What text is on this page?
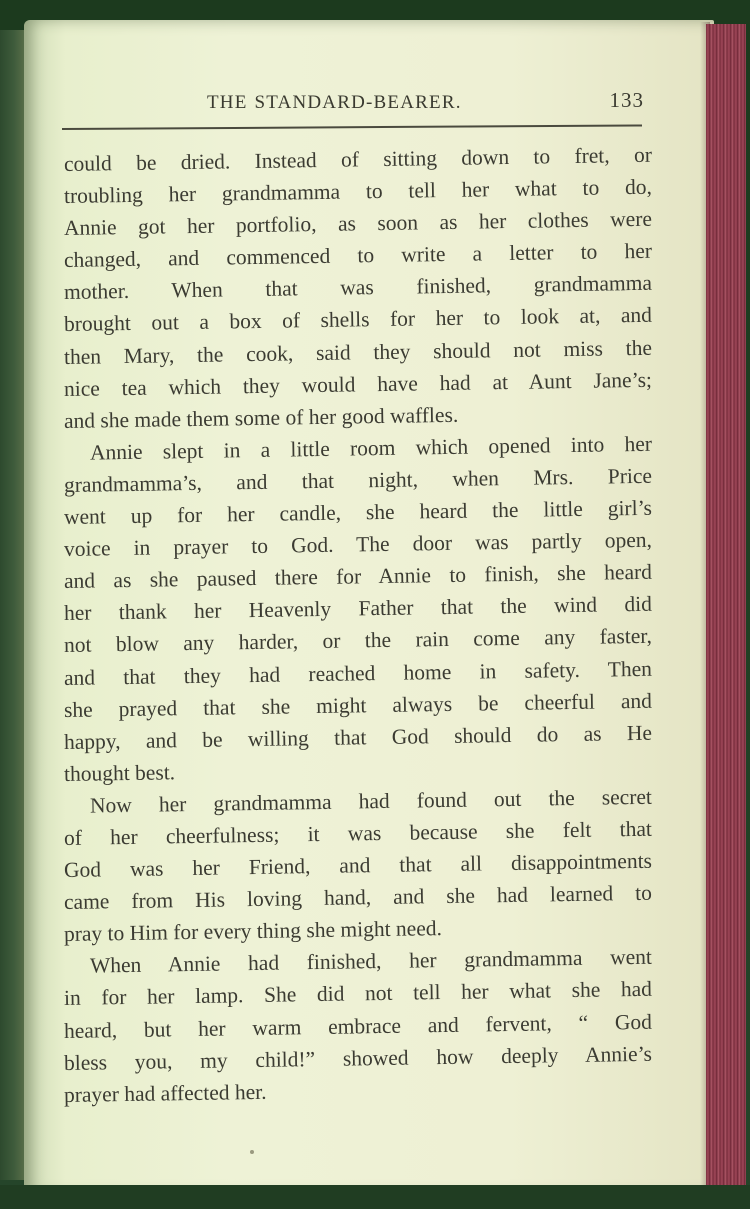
THE STANDARD-BEARER.	133
could be dried. Instead of sitting down to fret, or
troubling her grandmamma to tell her what to do,
Annie got her portfolio, as soon as her clothes were
changed, and commenced to write a letter to her
mother. When that was finished, grandmamma
brought out a box of shells for her to look at, and
then Mary, the cook, said they should not miss the
nice tea which they would have had at Aunt Jane’s;
and she made them some of her good waffles.
Annie slept in a little room which opened into her
grandmamma’s, and that night, when Mrs. Price
went up for her candle, she heard the little girl’s
voice in prayer to God. The door was partly open,
and as she paused there for Annie to finish, she heard
her thank her Heavenly Father that the wind did
not blow any harder, or the rain come any faster,
and that they had reached home in safety. Then
she prayed that she might always be cheerful and
happy, and be willing that God should do as He
thought best.
Now her grandmamma had found out the secret
of her cheerfulness; it was because she felt that
God was her Friend, and that all disappointments
came from His loving hand, and she had learned to
pray to Him for every thing she might need.
When Annie had finished, her grandmamma went
in for her lamp. She did not tell her what she had
heard, but her warm embrace and fervent, “ God
bless you, my child!” showed how deeply Annie’s
prayer had affected her.
